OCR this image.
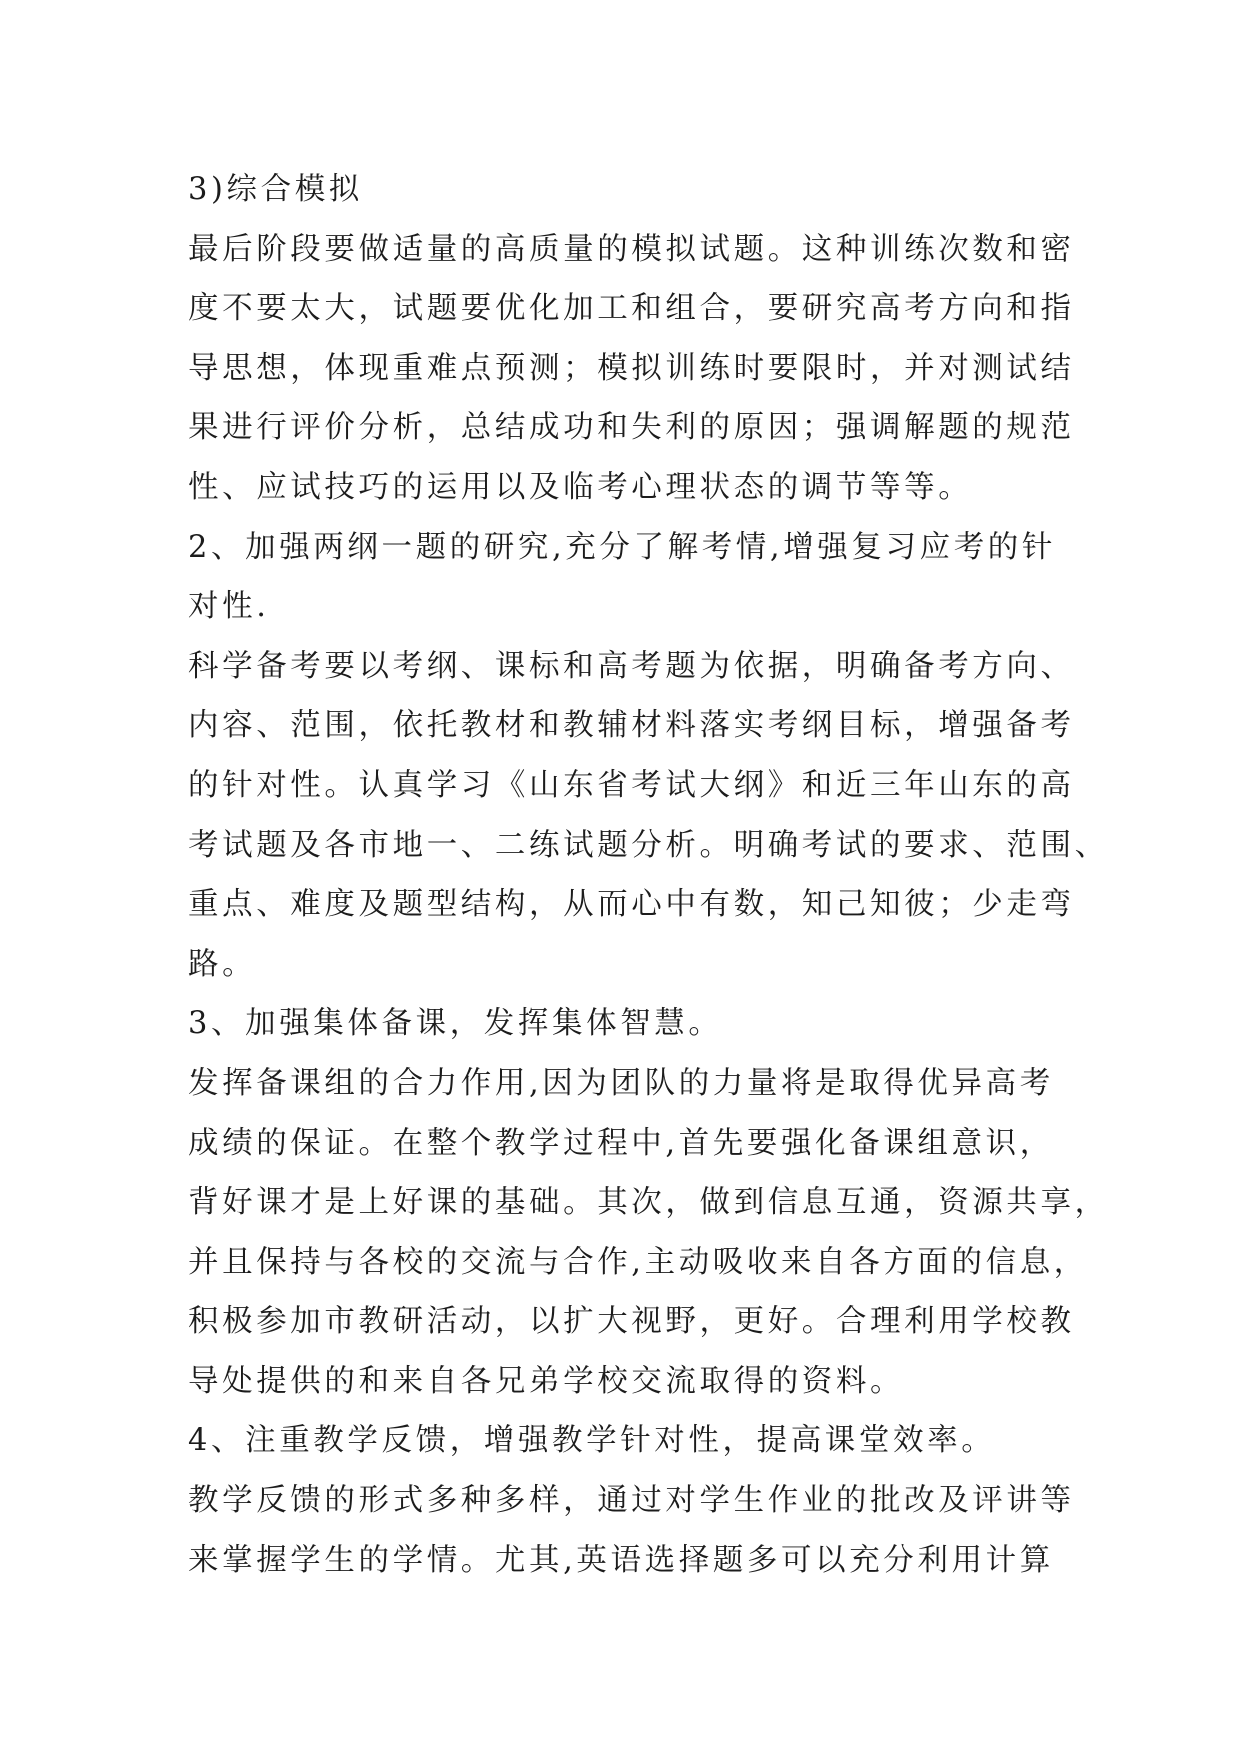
3)综合模拟
最后阶段要做适量的高质量的模拟试题。这种训练次数和密
度不要太大，试题要优化加工和组合，要研究高考方向和指
导思想，体现重难点预测；模拟训练时要限时，并对测试结
果进行评价分析，总结成功和失利的原因；强调解题的规范
性、应试技巧的运用以及临考心理状态的调节等等。
2、加强两纲一题的研究,充分了解考情,增强复习应考的针
对性.
科学备考要以考纲、课标和高考题为依据，明确备考方向、
内容、范围，依托教材和教辅材料落实考纲目标，增强备考
的针对性。认真学习《山东省考试大纲》和近三年山东的高
考试题及各市地一、二练试题分析。明确考试的要求、范围、
重点、难度及题型结构，从而心中有数，知己知彼；少走弯
路。
3、加强集体备课，发挥集体智慧。
发挥备课组的合力作用,因为团队的力量将是取得优异高考
成绩的保证。在整个教学过程中,首先要强化备课组意识，
背好课才是上好课的基础。其次，做到信息互通，资源共享，
并且保持与各校的交流与合作,主动吸收来自各方面的信息，
积极参加市教研活动，以扩大视野，更好。合理利用学校教
导处提供的和来自各兄弟学校交流取得的资料。
4、注重教学反馈，增强教学针对性，提高课堂效率。
教学反馈的形式多种多样，通过对学生作业的批改及评讲等
来掌握学生的学情。尤其,英语选择题多可以充分利用计算
